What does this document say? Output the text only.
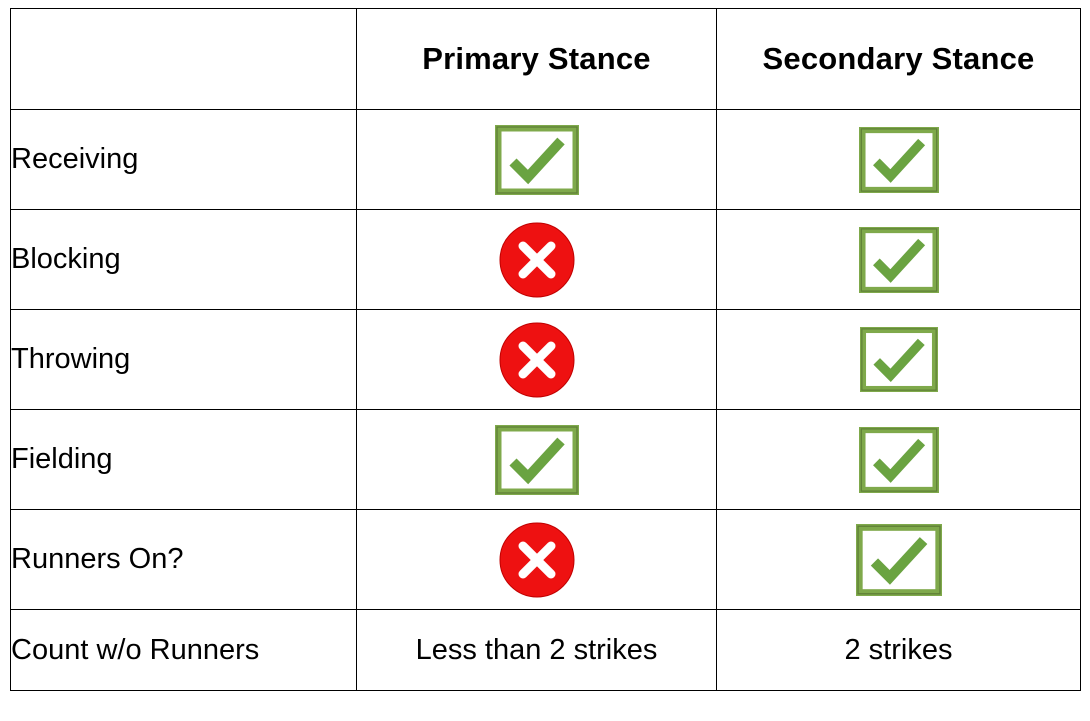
	Primary Stance	Secondary Stance
Receiving	

Blocking	

Throwing	

Fielding	

Runners On?	

Count w/o Runners	Less than 2 strikes	2 strikes
